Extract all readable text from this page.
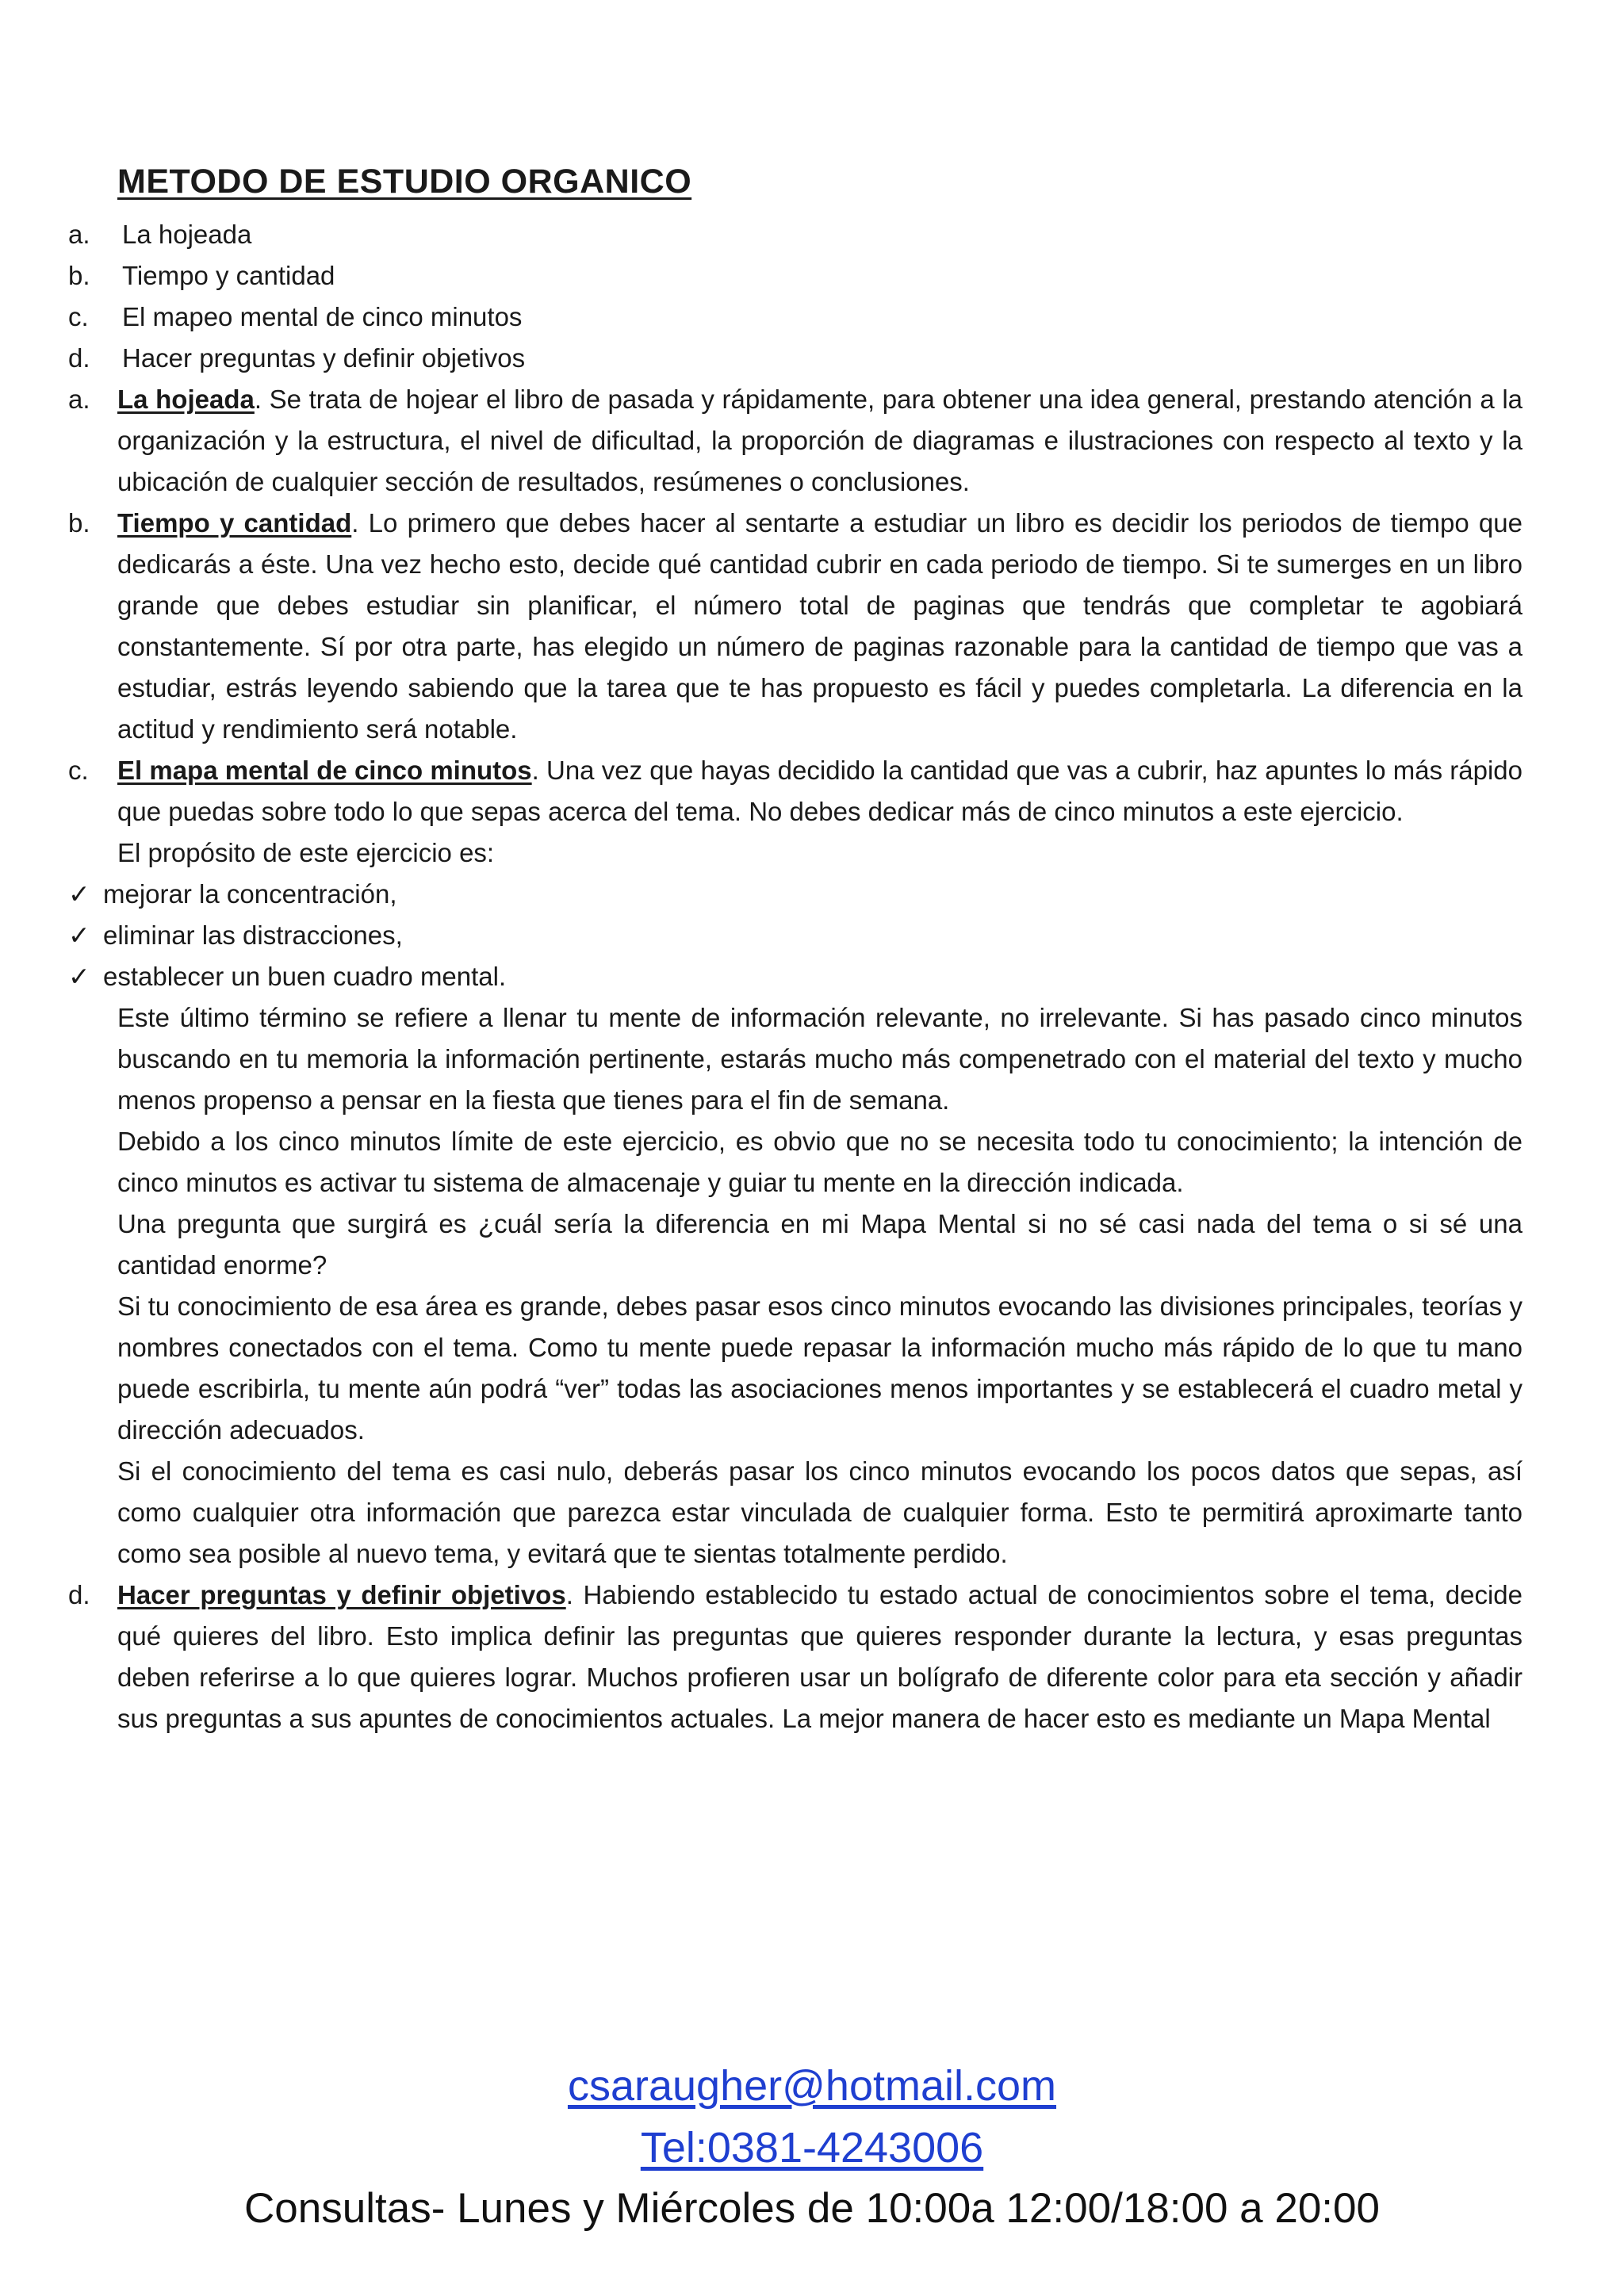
METODO DE ESTUDIO ORGANICO
a.	La hojeada
b.	Tiempo y cantidad
c.	El mapeo mental de cinco minutos
d.	Hacer preguntas y definir objetivos
a.	La hojeada. Se trata de hojear el libro de pasada y rápidamente, para obtener una idea general, prestando atención a la organización y la estructura, el nivel de dificultad, la proporción de diagramas e ilustraciones con respecto al texto y la ubicación de cualquier sección de resultados, resúmenes o conclusiones.
b.	Tiempo y cantidad. Lo primero que debes hacer al sentarte a estudiar un libro es decidir los periodos de tiempo que dedicarás a éste. Una vez hecho esto, decide qué cantidad cubrir en cada periodo de tiempo. Si te sumerges en un libro grande que debes estudiar sin planificar, el número total de paginas que tendrás que completar te agobiará constantemente. Sí por otra parte, has elegido un número de paginas razonable para la cantidad de tiempo que vas a estudiar, estrás leyendo sabiendo que la tarea que te has propuesto es fácil y puedes completarla. La diferencia en la actitud y rendimiento será notable.
c.	El mapa mental de cinco minutos. Una vez que hayas decidido la cantidad que vas a cubrir, haz apuntes lo más rápido que puedas sobre todo lo que sepas acerca del tema. No debes dedicar más de cinco minutos a este ejercicio.
El propósito de este ejercicio es:
✓ mejorar la concentración,
✓ eliminar las distracciones,
✓ establecer un buen cuadro mental.
Este último término se refiere a llenar tu mente de información relevante, no irrelevante. Si has pasado cinco minutos buscando en tu memoria la información pertinente, estarás mucho más compenetrado con el material del texto y mucho menos propenso a pensar en la fiesta que tienes para el fin de semana.
Debido a los cinco minutos límite de este ejercicio, es obvio que no se necesita todo tu conocimiento; la intención de cinco minutos es activar tu sistema de almacenaje y guiar tu mente en la dirección indicada.
Una pregunta que surgirá es ¿cuál sería la diferencia en mi Mapa Mental si no sé casi nada del tema o si sé una cantidad enorme?
Si tu conocimiento de esa área es grande, debes pasar esos cinco minutos evocando las divisiones principales, teorías y nombres conectados con el tema. Como tu mente puede repasar la información mucho más rápido de lo que tu mano puede escribirla, tu mente aún podrá “ver” todas las asociaciones menos importantes y se establecerá el cuadro metal y dirección adecuados.
Si el conocimiento del tema es casi nulo, deberás pasar los cinco minutos evocando los pocos datos que sepas, así como cualquier otra información que parezca estar vinculada de cualquier forma. Esto te permitirá aproximarte tanto como sea posible al nuevo tema, y evitará que te sientas totalmente perdido.
d.	Hacer preguntas y definir objetivos. Habiendo establecido tu estado actual de conocimientos sobre el tema, decide qué quieres del libro. Esto implica definir las preguntas que quieres responder durante la lectura, y esas preguntas deben referirse a lo que quieres lograr. Muchos profieren usar un bolígrafo de diferente color para eta sección y añadir sus preguntas a sus apuntes de conocimientos actuales. La mejor manera de hacer esto es mediante un Mapa Mental
csaraugher@hotmail.com
Tel:0381-4243006
Consultas- Lunes y Miércoles de 10:00a 12:00/18:00 a 20:00
